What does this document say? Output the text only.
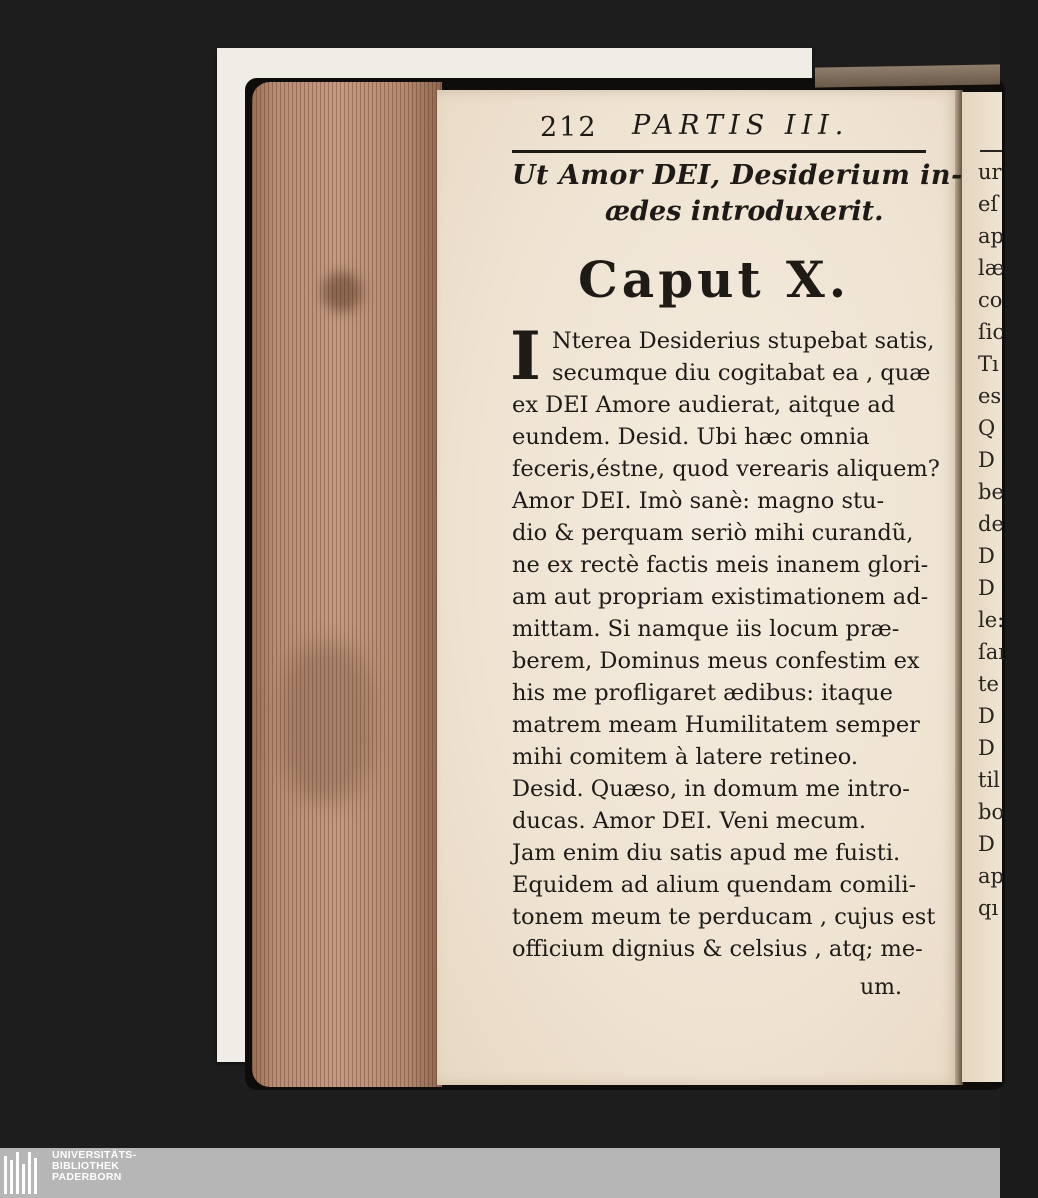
ur
eſ
ap
læ
co
ſic
Tı
es
Q
D
be
de
D
D
le:
ſaı
te
D
D
til
bo
D
ap
qı
212 PARTIS III.
Ut Amor DEI, Desiderium in-
ædes introduxerit.
Caput X.
I Nterea Desiderius stupebat satis,
secumque diu cogitabat ea , quæ
ex DEI Amore audierat, aitque ad
eundem. Desid. Ubi hæc omnia
feceris,éstne, quod verearis aliquem?
Amor DEI. Imò sanè: magno stu-
dio & perquam seriò mihi curandũ,
ne ex rectè factis meis inanem glori-
am aut propriam existimationem ad-
mittam. Si namque iis locum præ-
berem, Dominus meus confestim ex
his me profligaret ædibus: itaque
matrem meam Humilitatem semper
mihi comitem à latere retineo.
Desid. Quæso, in domum me intro-
ducas. Amor DEI. Veni mecum.
Jam enim diu satis apud me fuisti.
Equidem ad alium quendam comili-
tonem meum te perducam , cujus est
officium dignius & celsius , atq; me-
um.
UNIVERSITÄTS-
BIBLIOTHEK
PADERBORN
